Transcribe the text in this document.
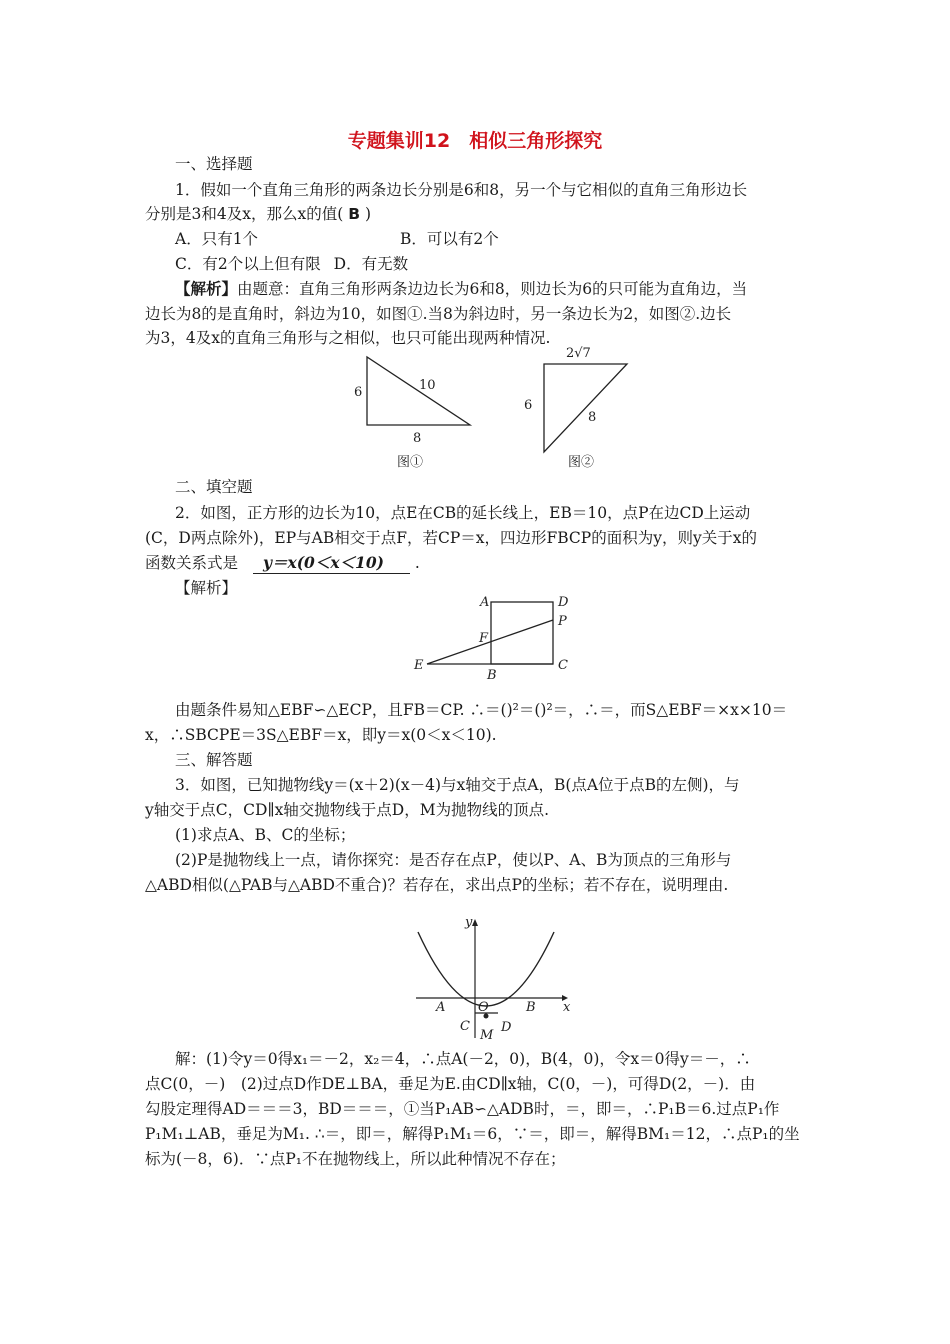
专题集训12　相似三角形探究
一、选择题
1．假如一个直角三角形的两条边长分别是6和8，另一个与它相似的直角三角形边长
分别是3和4及x，那么x的值( B )
A．只有1个	B．可以有2个
C．有2个以上但有限 D．有无数
【解析】由题意：直角三角形两条边边长为6和8，则边长为6的只可能为直角边，当
边长为8的是直角时，斜边为10，如图①.当8为斜边时，另一条边长为2，如图②.边长
为3，4及x的直角三角形与之相似，也只可能出现两种情况.
6	10
8
图①
2√7
6
8
图②
二、填空题
2．如图，正方形的边长为10，点E在CB的延长线上，EB＝10，点P在边CD上运动
(C，D两点除外)，EP与AB相交于点F，若CP＝x，四边形FBCP的面积为y，则y关于x的
函数关系式是 y＝x(0＜x＜10) .
【解析】
A	D
P
F
E
B
C
由题条件易知△EBF∽△ECP，且FB＝CP. ∴＝()²＝()²＝，∴＝，而S△EBF＝×x×10＝
x，∴SBCPE＝3S△EBF＝x，即y＝x(0＜x＜10).
三、解答题
3．如图，已知抛物线y＝(x＋2)(x－4)与x轴交于点A，B(点A位于点B的左侧)，与
y轴交于点C，CD∥x轴交抛物线于点D，M为抛物线的顶点.
(1)求点A、B、C的坐标；
(2)P是抛物线上一点，请你探究：是否存在点P，使以P、A、B为顶点的三角形与
△ABD相似(△PAB与△ABD不重合)？若存在，求出点P的坐标；若不存在，说明理由.
y
x
A	O	B
C D
M
解：(1)令y＝0得x₁＝－2，x₂＝4，∴点A(－2，0)，B(4，0)，令x＝0得y＝－，∴
点C(0，－)　(2)过点D作DE⊥BA，垂足为E.由CD∥x轴，C(0，－)，可得D(2，－)．由
勾股定理得AD＝＝＝3，BD＝＝＝，①当P₁AB∽△ADB时，＝，即＝，∴P₁B＝6.过点P₁作
P₁M₁⊥AB，垂足为M₁. ∴＝，即＝，解得P₁M₁＝6，∵＝，即＝，解得BM₁＝12，∴点P₁的坐
标为(－8，6)．∵点P₁不在抛物线上，所以此种情况不存在；
